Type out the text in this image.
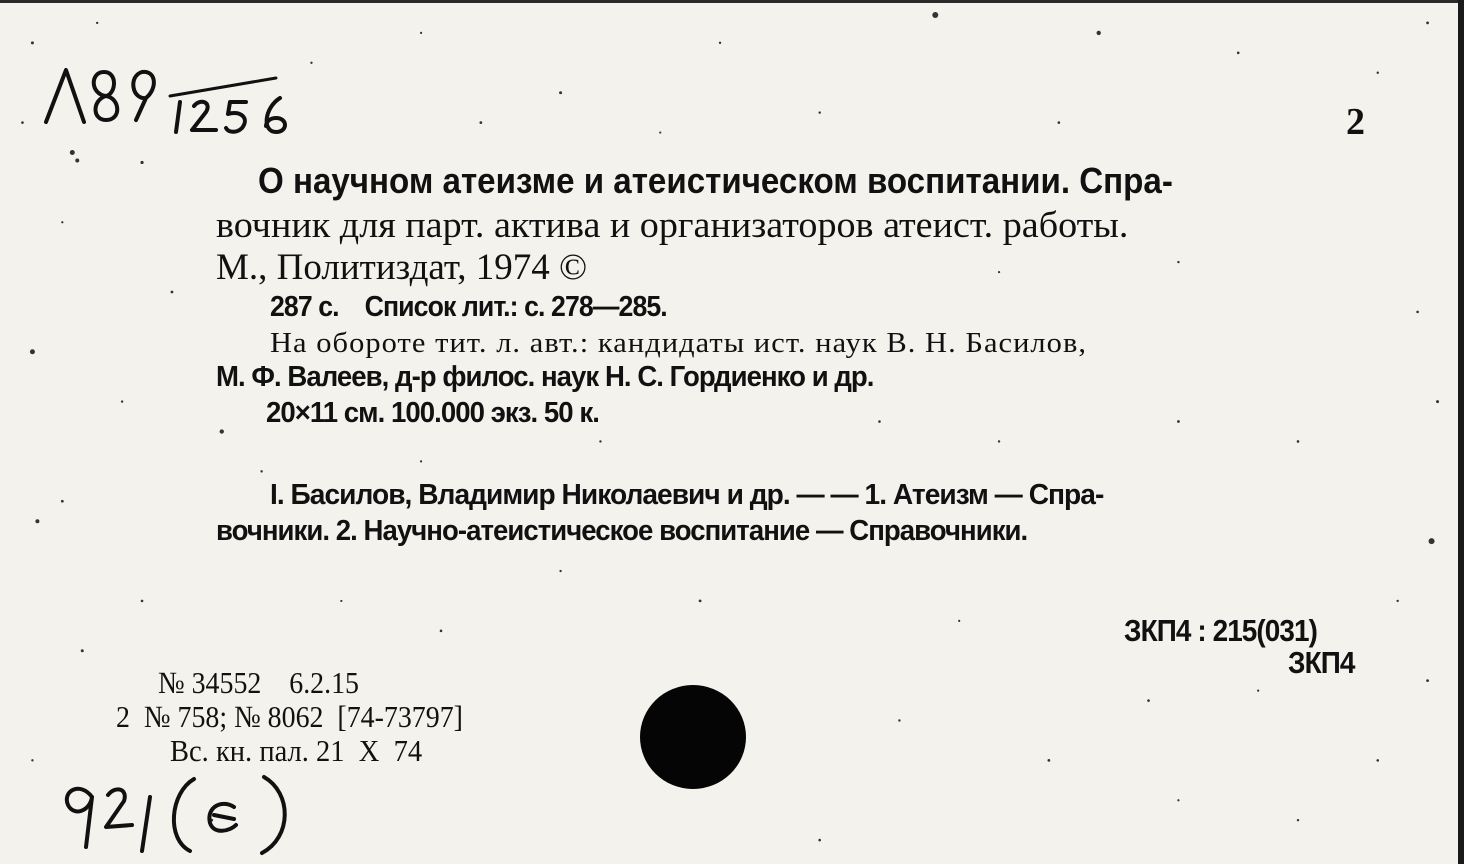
2
О научном атеизме и атеистическом воспитании. Спра-
вочник для парт. актива и организаторов атеист. работы.
М., Политиздат, 1974 ©
287 с.    Список лит.: с. 278—285.
На обороте тит. л. авт.: кандидаты ист. наук В. Н. Басилов,
М. Ф. Валеев, д-р филос. наук Н. С. Гордиенко и др.
20×11 см. 100.000 экз. 50 к.
I. Басилов, Владимир Николаевич и др. — — 1. Атеизм — Спра-
вочники. 2. Научно-атеистическое воспитание — Справочники.
ЗКП4 : 215(031)
ЗКП4
№ 34552    6.2.15
2  № 758; № 8062  [74-73797]
Вс. кн. пал. 21  X  74
